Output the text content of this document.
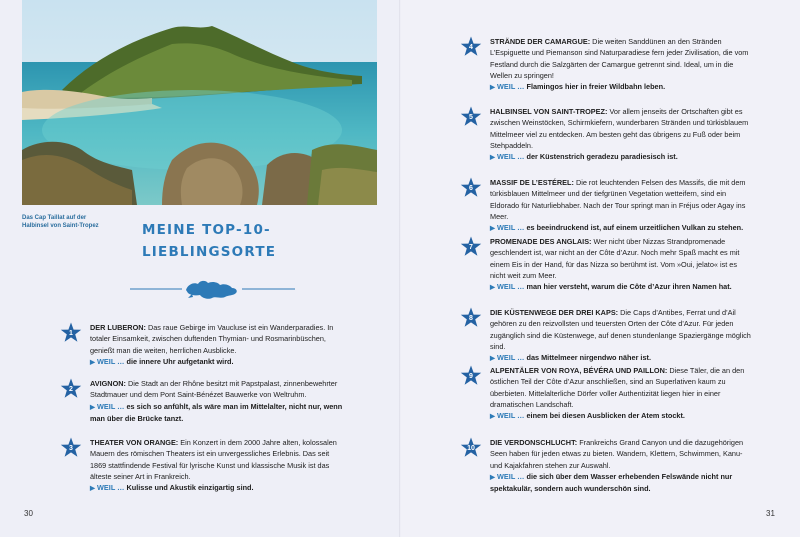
Das Cap Taillat auf der Halbinsel von Saint-Tropez	MEINE TOP-10-
LIEBLINGSORTE
1
2
3
4
5
6
7
8
9
10
DER LUBERON: Das raue Gebirge im Vaucluse ist ein Wanderparadies. In totaler Einsamkeit, zwischen duftenden Thymian- und Rosmarinbüschen, genießt man die weiten, herrlichen Ausblicke.
▶ WEIL … die innere Uhr aufgetankt wird.
AVIGNON: Die Stadt an der Rhône besitzt mit Papstpalast, zinnenbewehrter Stadtmauer und dem Pont Saint-Bénézet Bauwerke von Weltruhm.
▶ WEIL … es sich so anfühlt, als wäre man im Mittelalter, nicht nur, wenn man über die Brücke tanzt.
THEATER VON ORANGE: Ein Konzert in dem 2000 Jahre alten, kolossalen Mauern des römischen Theaters ist ein unvergessliches Erlebnis. Das seit 1869 stattfindende Festival für lyrische Kunst und klassische Musik ist das älteste seiner Art in Frankreich.
▶ WEIL … Kulisse und Akustik einzigartig sind.
STRÄNDE DER CAMARGUE: Die weiten Sanddünen an den Stränden L’Espiguette und Piemanson sind Naturparadiese fern jeder Zivilisation, die vom Festland durch die Salzgärten der Camargue getrennt sind. Ideal, um in die Wellen zu springen!
▶ WEIL … Flamingos hier in freier Wildbahn leben.
HALBINSEL VON SAINT-TROPEZ: Vor allem jenseits der Ortschaften gibt es zwischen Weinstöcken, Schirmkiefern, wunderbaren Stränden und türkisblauem Mittelmeer viel zu entdecken. Am besten geht das übrigens zu Fuß oder beim Stehpaddeln.
▶ WEIL … der Küstenstrich geradezu paradiesisch ist.
MASSIF DE L’ESTÉREL: Die rot leuchtenden Felsen des Massifs, die mit dem türkisblauen Mittelmeer und der tiefgrünen Vegetation wetteifern, sind ein Eldorado für Naturliebhaber. Nach der Tour springt man in Fréjus oder Agay ins Meer.
▶ WEIL … es beeindruckend ist, auf einem urzeitlichen Vulkan zu stehen.
PROMENADE DES ANGLAIS: Wer nicht über Nizzas Strandpromenade geschlendert ist, war nicht an der Côte d’Azur. Noch mehr Spaß macht es mit einem Eis in der Hand, für das Nizza so berühmt ist. Vom »Oui, jelato« ist es nicht weit zum Meer.
▶ WEIL … man hier versteht, warum die Côte d’Azur ihren Namen hat.
DIE KÜSTENWEGE DER DREI KAPS: Die Caps d’Antibes, Ferrat und d’Ail gehören zu den reizvollsten und teuersten Orten der Côte d’Azur. Für jeden zugänglich sind die Küstenwege, auf denen stundenlange Spaziergänge möglich sind.
▶ WEIL … das Mittelmeer nirgendwo näher ist.
ALPENTÄLER VON ROYA, BÉVÉRA UND PAILLON: Diese Täler, die an den östlichen Teil der Côte d’Azur anschließen, sind an Superlativen kaum zu überbieten. Mittelalterliche Dörfer voller Authentizität liegen hier in einer dramatischen Landschaft.
▶ WEIL … einem bei diesen Ausblicken der Atem stockt.
DIE VERDONSCHLUCHT: Frankreichs Grand Canyon und die dazugehörigen Seen haben für jeden etwas zu bieten. Wandern, Klettern, Schwimmen, Kanu- und Kajakfahren stehen zur Auswahl.
▶ WEIL … die sich über dem Wasser erhebenden Felswände nicht nur spektakulär, sondern auch wunderschön sind.
30	31
